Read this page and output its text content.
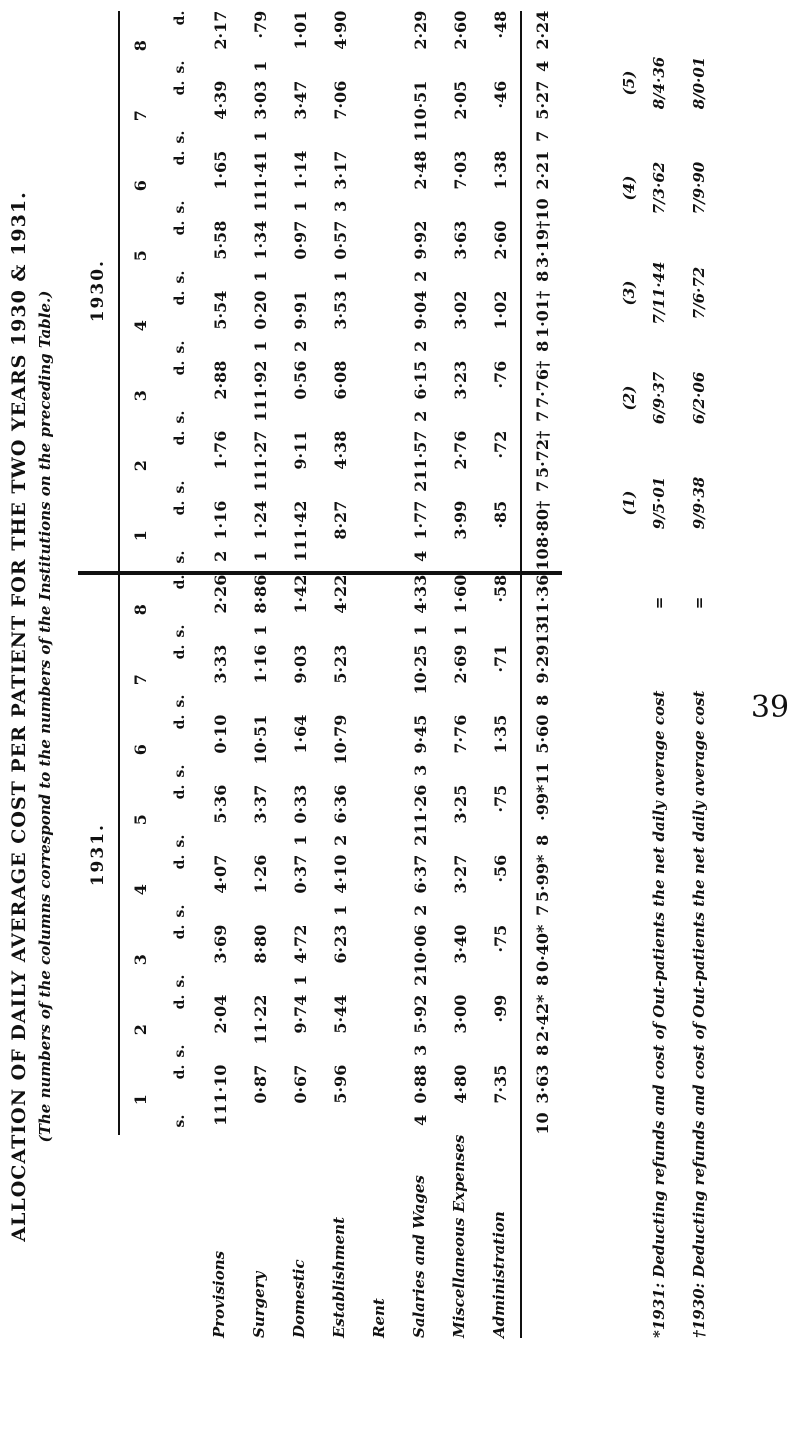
ALLOCATION OF DAILY AVERAGE COST PER PATIENT FOR THE TWO YEARS 1930 & 1931. (The numbers of the columns correspond to the numbers of the Institutions on the preceding Table.)
	1931.								1930.							
	1	2	3	4	5	6	7	8	1	2	3	4	5	6	7	8
	s.d.	s.d.	s.d.	s.d.	s.d.	s.d.	s.d.	s.d.	s.d.	s.d.	s.d.	s.d.	s.d.	s.d.	s.d.	s.d.
Provisions	111·10	2·04	3·69	4·07	5·36	0·10	3·33	2·26	21·16	1·76	2·88	5·54	5·58	1·65	4·39	2·17
Surgery	0·87	11·22	8·80	1·26	3·37	10·51	1·16	18·86	11·24	111·27	111·92	10·20	11·34	111·41	13·03	1·79
Domestic	0·67	9·74	14·72	0·37	10·33	1·64	9·03	1·42	111·42	9·11	0·56	29·91	0·97	11·14	3·47	1·01
Establishment	5·96	5·44	6·23	14·10	26·36	10·79	5·23	4·22	8·27	4·38	6·08	3·53	10·57	33·17	7·06	4·90
Rent																
Salaries and Wages	40·88	35·92	210·06	26·37	211·26	39·45	10·25	14·33	41·77	211·57	26·15	29·04	29·92	2·48	110·51	2·29
Miscellaneous Expenses	4·80	3·00	3·40	3·27	3·25	7·76	2·69	11·60	3·99	2·76	3·23	3·02	3·63	7·03	2·05	2·60
Administration	7·35	·99	·75	·56	·75	1·35	·71	·58	·85	·72	·76	1·02	2·60	1·38	·46	·48
	103·63	82·42*	80·40*	75·99*	8·99*	115·60	89·29	1311·36	108·80†	75·72†	77·76†	81·01†	83·19†	102·21	75·27	42·24
*1931: Deducting refunds and cost of Out-patients the net daily average cost †1930: Deducting refunds and cost of Out-patients the net daily average cost
(1) 9/5·01 9/9·38
(2) 6/9·37 6/2·06
(3) 7/11·44 7/6·72
(4) 7/3·62 7/9·90
(5) 8/4·36 8/0·01
= =
39
